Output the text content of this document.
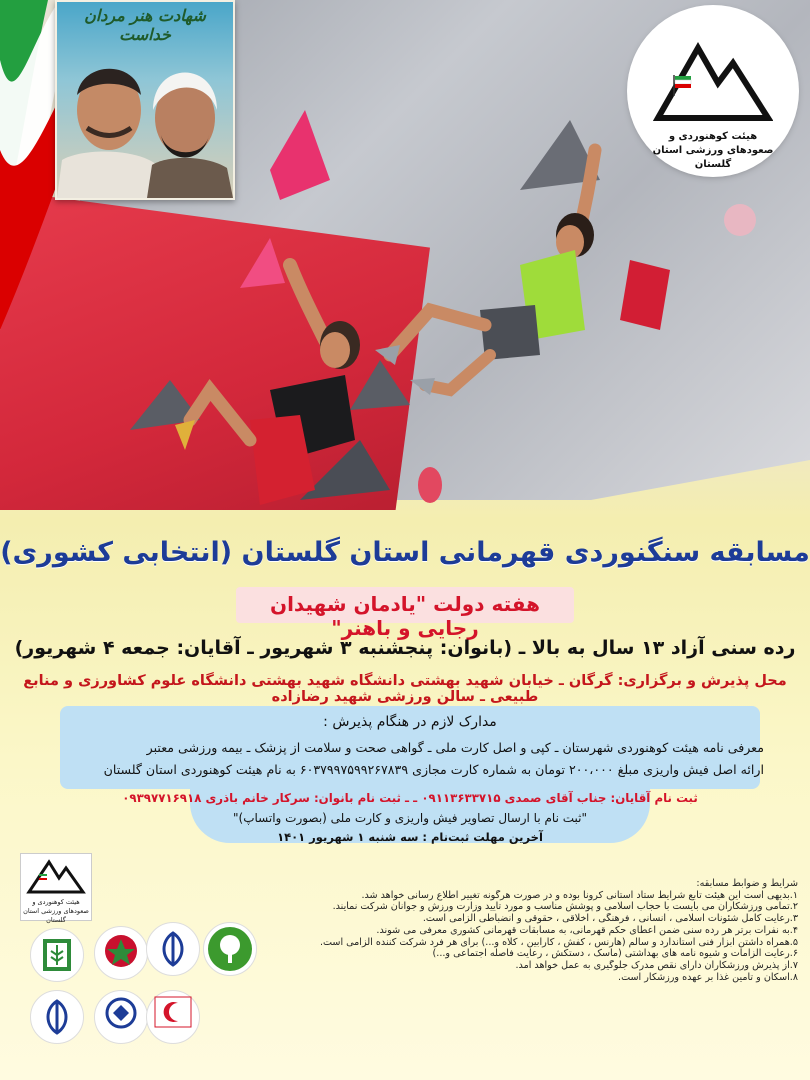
شهادت هنر مردان خداست
هیئت کوهنوردی و صعودهای ورزشی استان گلستان
مسابقه سنگنوردی قهرمانی استان گلستان (انتخابی کشوری)
هفته دولت "یادمان شهیدان رجایی و باهنر"
رده سنی آزاد ۱۳ سال به بالا ـ (بانوان: پنجشنبه ۳ شهریور ـ آقایان: جمعه ۴ شهریور)
محل پذیرش و برگزاری: گرگان ـ خیابان شهید بهشتی دانشگاه شهید بهشتی دانشگاه علوم کشاورزی و منابع طبیعی ـ سالن ورزشی شهید رضازاده
مدارک لازم در هنگام پذیرش :
معرفی نامه هیئت کوهنوردی شهرستان ـ کپی و اصل کارت ملی ـ گواهی صحت و سلامت از پزشک ـ بیمه ورزشی معتبر
ارائه اصل فیش واریزی مبلغ ۲۰۰،۰۰۰ تومان به شماره کارت مجازی ۶۰۳۷۹۹۷۵۹۹۲۶۷۸۳۹ به نام هیئت کوهنوردی استان گلستان
ثبت نام آقایان: جناب آقای صمدی ۰۹۱۱۳۶۳۳۷۱۵ ـ ـ ثبت نام بانوان: سرکار خانم باذری ۰۹۳۹۷۷۱۶۹۱۸
"ثبت نام با ارسال تصاویر فیش واریزی و کارت ملی (بصورت واتساپ)"
آخرین مهلت ثبت‌نام : سه شنبه ۱ شهریور ۱۴۰۱
هیئت کوهنوردی و صعودهای ورزشی استان گلستان
شرایط و ضوابط مسابقه:
۱.بدیهی است این هیئت تابع شرایط ستاد استانی کرونا بوده و در صورت هرگونه تغییر اطلاع رسانی خواهد شد.
۲.تمامی ورزشکاران می بایست با حجاب اسلامی و پوشش مناسب و مورد تایید وزارت ورزش و جوانان شرکت نمایند.
۳.رعایت کامل شئونات اسلامی ، انسانی ، فرهنگی ، اخلاقی ، حقوقی و انضباطی الزامی است.
۴.به نفرات برتر هر رده سنی ضمن اعطای حکم قهرمانی، به مسابقات قهرمانی کشوری معرفی می شوند.
۵.همراه داشتن ابزار فنی استاندارد و سالم (هارنس ، کفش ، کارابین ، کلاه و...) برای هر فرد شرکت کننده الزامی است.
۶.رعایت الزامات و شیوه نامه های بهداشتی (ماسک ، دستکش ، رعایت فاصله اجتماعی و...)
۷.از پذیرش ورزشکاران دارای نقص مدرک جلوگیری به عمل خواهد آمد.
۸.اسکان و تامین غذا بر عهده ورزشکار است.
